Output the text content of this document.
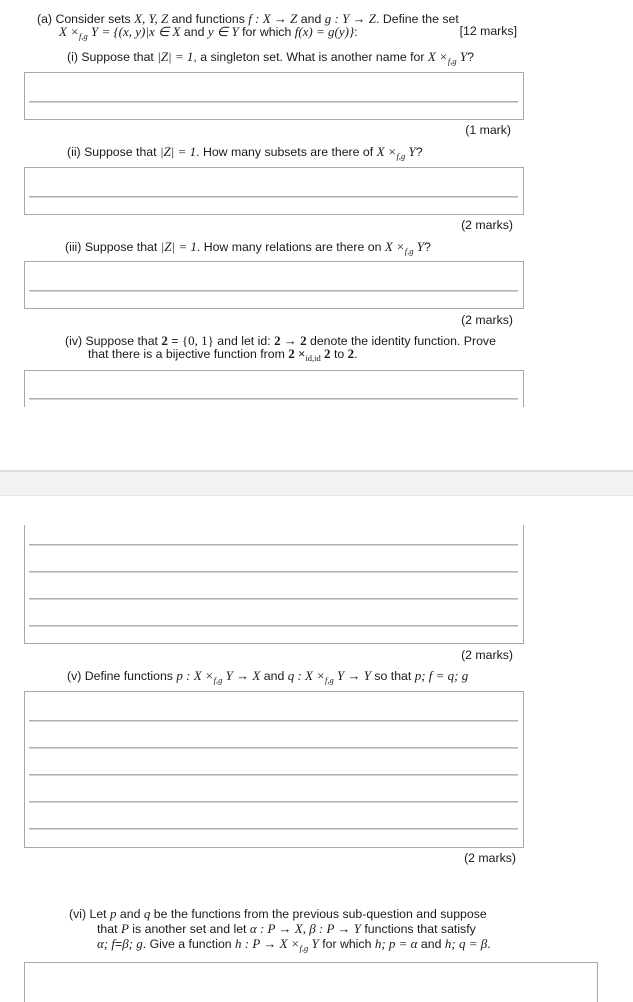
(a) Consider sets X, Y, Z and functions f : X → Z and g : Y → Z. Define the set
$X \times_{f,g}$ Y = {(x, y)|x ∈ X and y ∈ Y for which f(x) = g(y)}:	[12 marks]
(i) Suppose that |Z| = 1, a singleton set. What is another name for $X \times_{f,g}$ Y?
(1 mark)
(ii) Suppose that |Z| = 1. How many subsets are there of $X \times_{f,g}$ Y?
(2 marks)
(iii) Suppose that |Z| = 1. How many relations are there on $X \times_{f,g}$ Y?
(2 marks)
(iv) Suppose that 2 = {0, 1} and let id: 2 → 2 denote the identity function. Prove
that there is a bijective function from $2 \times_{id,id}$ 2 to 2.
(2 marks)
(v) Define functions p : $X \times_{f,g}$ Y → X and q : $X \times_{f,g}$ Y → Y so that p; f = q; g
(2 marks)
(vi) Let p and q be the functions from the previous sub-question and suppose
that P is another set and let α : P → X, β : P → Y functions that satisfy
α; f=β; g. Give a function h : $P \to X \times_{f,g}$ Y for which h; p = α and h; q = β.
